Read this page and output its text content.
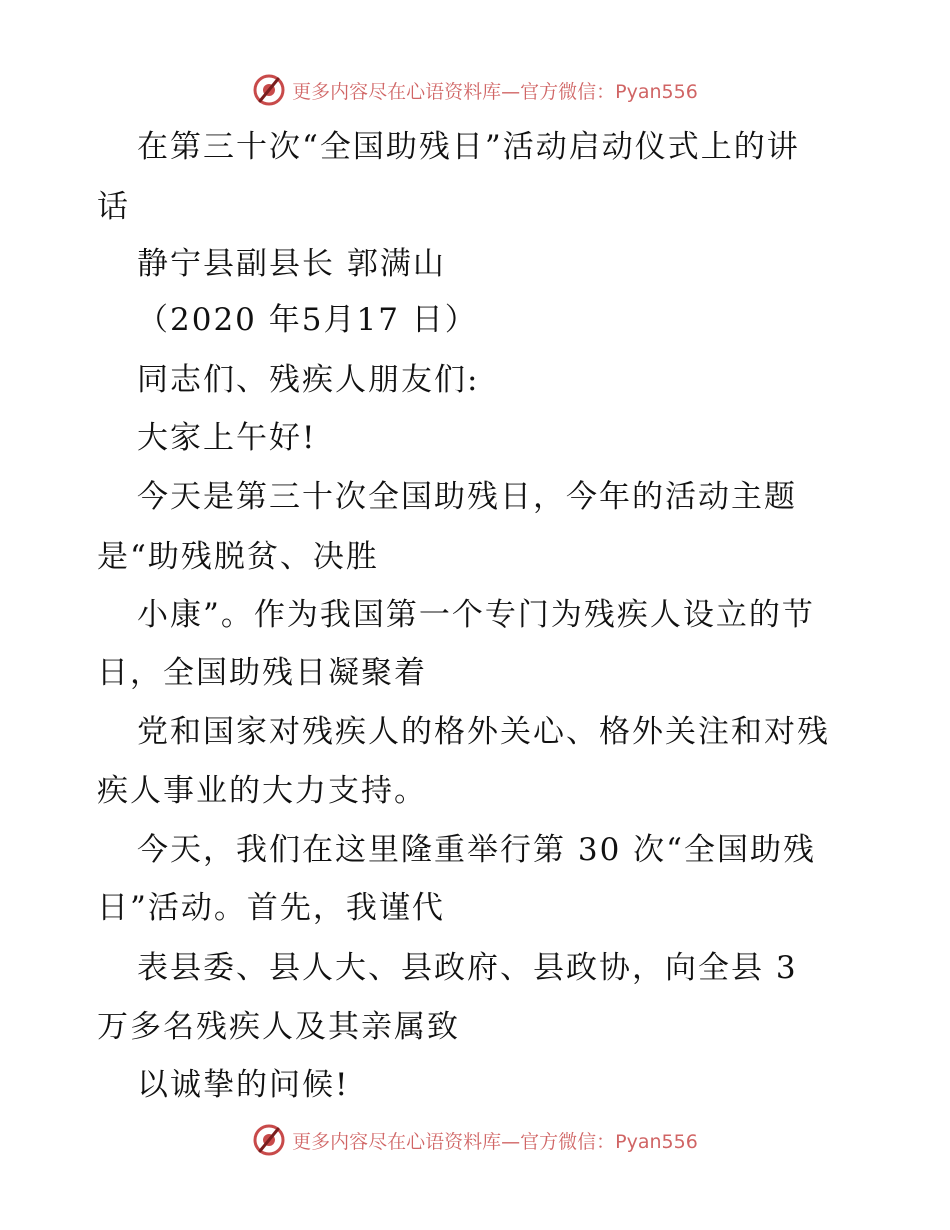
更多内容尽在心语资料库—官方微信：Pyan556
在第三十次“全国助残日”活动启动仪式上的讲
话
静宁县副县长 郭满山
（2020 年5月17 日）
同志们、残疾人朋友们:
大家上午好!
今天是第三十次全国助残日，今年的活动主题
是“助残脱贫、决胜
小康”。作为我国第一个专门为残疾人设立的节
日，全国助残日凝聚着
党和国家对残疾人的格外关心、格外关注和对残
疾人事业的大力支持。
今天，我们在这里隆重举行第 30 次“全国助残
日”活动。首先，我谨代
表县委、县人大、县政府、县政协，向全县 3
万多名残疾人及其亲属致
以诚挚的问候!
更多内容尽在心语资料库—官方微信：Pyan556
